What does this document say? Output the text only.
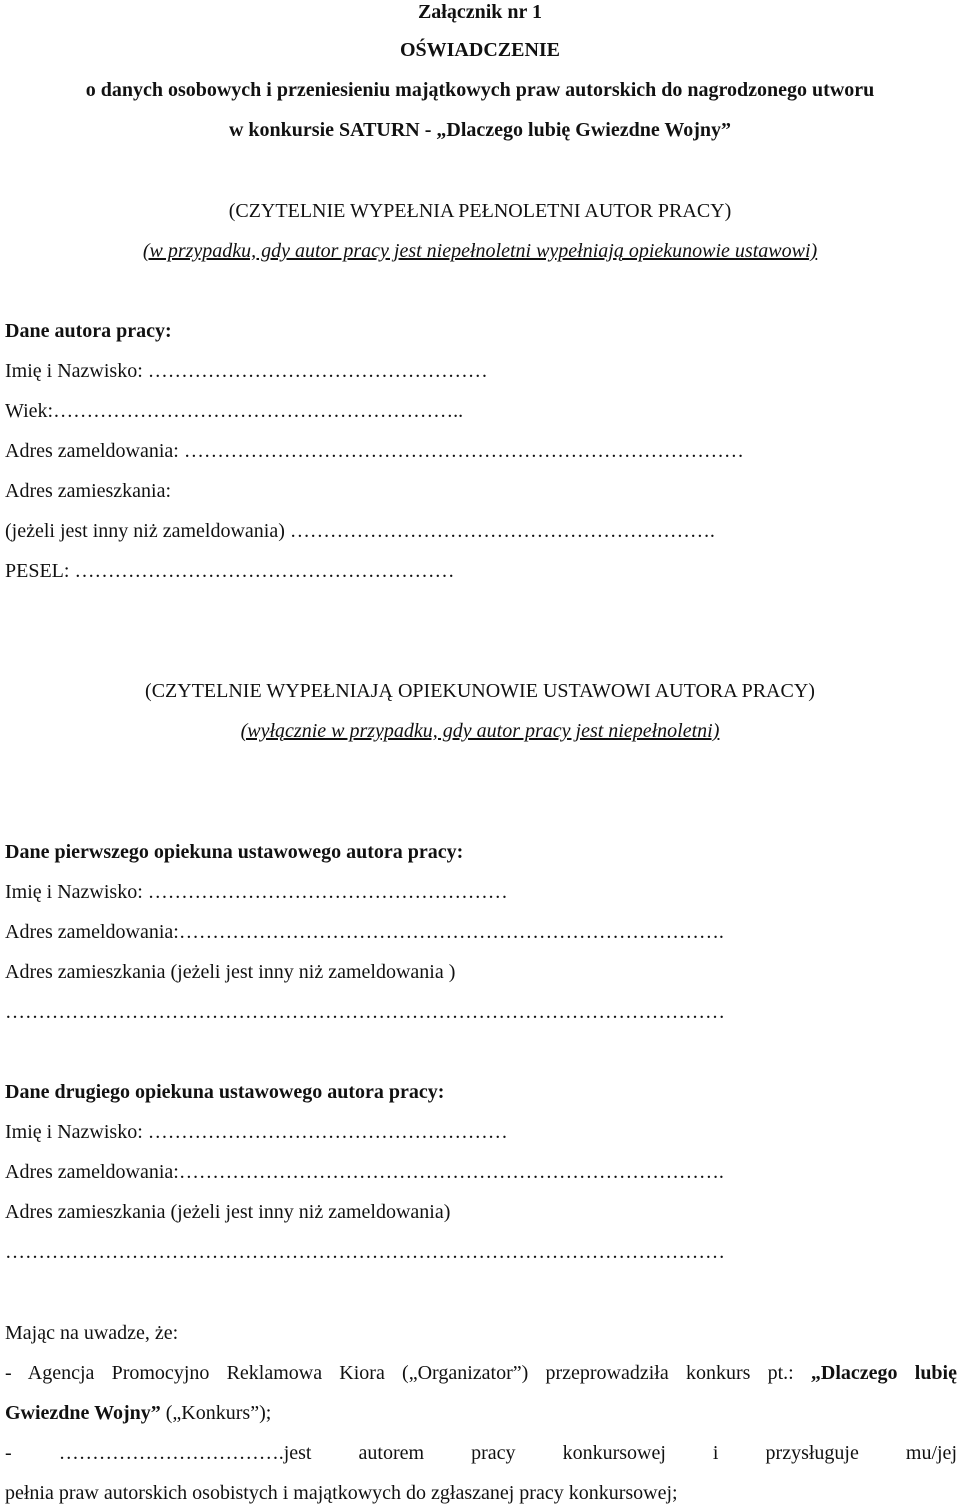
Załącznik nr 1

OŚWIADCZENIE

o danych osobowych i przeniesieniu majątkowych praw autorskich do nagrodzonego utworu

w konkursie SATURN - „Dlaczego lubię Gwiezdne Wojny”

(CZYTELNIE WYPEŁNIA PEŁNOLETNI AUTOR PRACY)

(w przypadku, gdy autor pracy jest niepełnoletni wypełniają opiekunowie ustawowi)

Dane autora pracy:

Imię i Nazwisko: ……………………………………………

Wiek:……………………………………………………..

Adres zameldowania: …………………………………………………………………………

Adres zamieszkania:

(jeżeli jest inny niż zameldowania) ……………………………………………………….

PESEL: …………………………………………………

(CZYTELNIE WYPEŁNIAJĄ OPIEKUNOWIE USTAWOWI AUTORA PRACY)

(wyłącznie w przypadku, gdy autor pracy jest niepełnoletni)

Dane pierwszego opiekuna ustawowego autora pracy:

Imię i Nazwisko: ………………………………………………

Adres zameldowania:……………………………………………………………………….

Adres zamieszkania (jeżeli jest inny niż zameldowania )

………………………………………………………………………………………………

Dane drugiego opiekuna ustawowego autora pracy:

Imię i Nazwisko: ………………………………………………

Adres zameldowania:……………………………………………………………………….

Adres zamieszkania (jeżeli jest inny niż zameldowania)

………………………………………………………………………………………………

Mając na uwadze, że:

- Agencja Promocyjno Reklamowa Kiora („Organizator”) przeprowadziła konkurs pt.: „Dlaczego lubię

Gwiezdne Wojny” („Konkurs”);

- …………………………….jest autorem pracy konkursowej i przysługuje mu/jej

pełnia praw autorskich osobistych i majątkowych do zgłaszanej pracy konkursowej;
